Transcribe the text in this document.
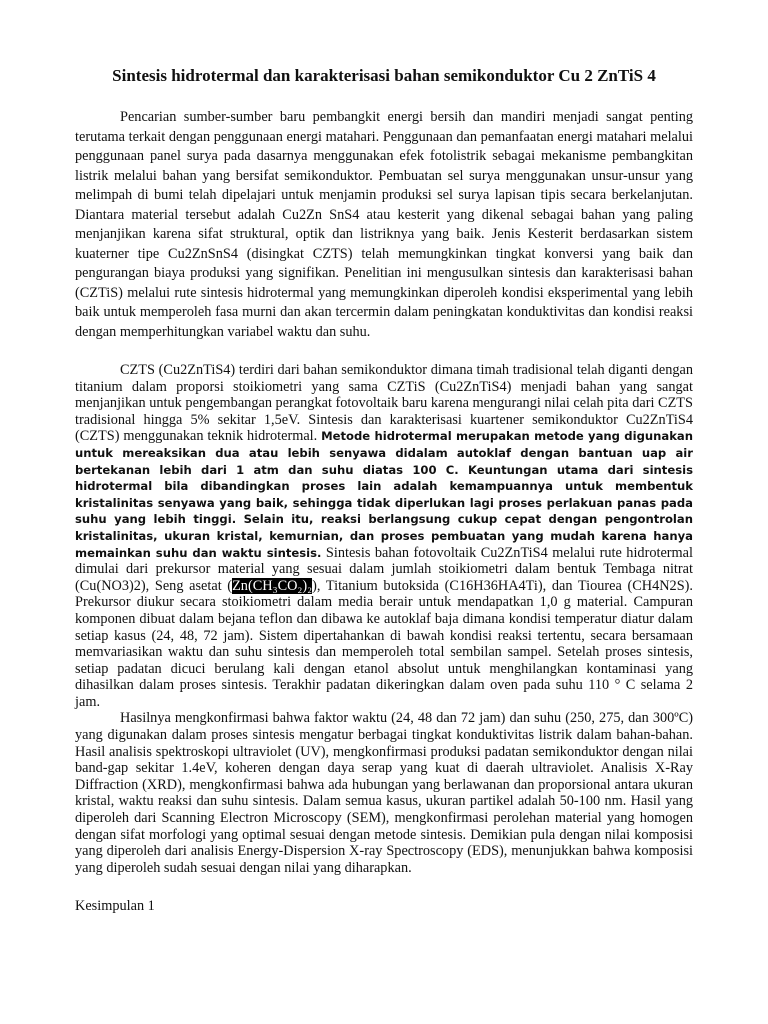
Sintesis hidrotermal dan karakterisasi bahan semikonduktor Cu 2 ZnTiS 4

Pencarian sumber-sumber baru pembangkit energi bersih dan mandiri menjadi sangat penting terutama terkait dengan penggunaan energi matahari. Penggunaan dan pemanfaatan energi matahari melalui penggunaan panel surya pada dasarnya menggunakan efek fotolistrik sebagai mekanisme pembangkitan listrik melalui bahan yang bersifat semikonduktor. Pembuatan sel surya menggunakan unsur-unsur yang melimpah di bumi telah dipelajari untuk menjamin produksi sel surya lapisan tipis secara berkelanjutan. Diantara material tersebut adalah Cu2Zn SnS4 atau kesterit yang dikenal sebagai bahan yang paling menjanjikan karena sifat struktural, optik dan listriknya yang baik. Jenis Kesterit berdasarkan sistem kuaterner tipe Cu2ZnSnS4 (disingkat CZTS) telah memungkinkan tingkat konversi yang baik dan pengurangan biaya produksi yang signifikan. Penelitian ini mengusulkan sintesis dan karakterisasi bahan (CZTiS) melalui rute sintesis hidrotermal yang memungkinkan diperoleh kondisi eksperimental yang lebih baik untuk memperoleh fasa murni dan akan tercermin dalam peningkatan konduktivitas dan kondisi reaksi dengan memperhitungkan variabel waktu dan suhu.

CZTS (Cu2ZnTiS4) terdiri dari bahan semikonduktor dimana timah tradisional telah diganti dengan titanium dalam proporsi stoikiometri yang sama CZTiS (Cu2ZnTiS4) menjadi bahan yang sangat menjanjikan untuk pengembangan perangkat fotovoltaik baru karena mengurangi nilai celah pita dari CZTS tradisional hingga 5% sekitar 1,5eV. Sintesis dan karakterisasi kuartener semikonduktor Cu2ZnTiS4 (CZTS) menggunakan teknik hidrotermal. Metode hidrotermal merupakan metode yang digunakan untuk mereaksikan dua atau lebih senyawa didalam autoklaf dengan bantuan uap air bertekanan lebih dari 1 atm dan suhu diatas 100 C. Keuntungan utama dari sintesis hidrotermal bila dibandingkan proses lain adalah kemampuannya untuk membentuk kristalinitas senyawa yang baik, sehingga tidak diperlukan lagi proses perlakuan panas pada suhu yang lebih tinggi. Selain itu, reaksi berlangsung cukup cepat dengan pengontrolan kristalinitas, ukuran kristal, kemurnian, dan proses pembuatan yang mudah karena hanya memainkan suhu dan waktu sintesis. Sintesis bahan fotovoltaik Cu2ZnTiS4 melalui rute hidrotermal dimulai dari prekursor material yang sesuai dalam jumlah stoikiometri dalam bentuk Tembaga nitrat (Cu(NO3)2), Seng asetat (Zn(CH₃CO₂)₂), Titanium butoksida (C16H36HA4Ti), dan Tiourea (CH4N2S). Prekursor diukur secara stoikiometri dalam media berair untuk mendapatkan 1,0 g material. Campuran komponen dibuat dalam bejana teflon dan dibawa ke autoklaf baja dimana kondisi temperatur diatur dalam setiap kasus (24, 48, 72 jam). Sistem dipertahankan di bawah kondisi reaksi tertentu, secara bersamaan memvariasikan waktu dan suhu sintesis dan memperoleh total sembilan sampel. Setelah proses sintesis, setiap padatan dicuci berulang kali dengan etanol absolut untuk menghilangkan kontaminasi yang dihasilkan dalam proses sintesis. Terakhir padatan dikeringkan dalam oven pada suhu 110 ° C selama 2 jam.

Hasilnya mengkonfirmasi bahwa faktor waktu (24, 48 dan 72 jam) dan suhu (250, 275, dan 300ºC) yang digunakan dalam proses sintesis mengatur berbagai tingkat konduktivitas listrik dalam bahan-bahan. Hasil analisis spektroskopi ultraviolet (UV), mengkonfirmasi produksi padatan semikonduktor dengan nilai band-gap sekitar 1.4eV, koheren dengan daya serap yang kuat di daerah ultraviolet. Analisis X-Ray Diffraction (XRD), mengkonfirmasi bahwa ada hubungan yang berlawanan dan proporsional antara ukuran kristal, waktu reaksi dan suhu sintesis. Dalam semua kasus, ukuran partikel adalah 50-100 nm. Hasil yang diperoleh dari Scanning Electron Microscopy (SEM), mengkonfirmasi perolehan material yang homogen dengan sifat morfologi yang optimal sesuai dengan metode sintesis. Demikian pula dengan nilai komposisi yang diperoleh dari analisis Energy-Dispersion X-ray Spectroscopy (EDS), menunjukkan bahwa komposisi yang diperoleh sudah sesuai dengan nilai yang diharapkan.

Kesimpulan 1
